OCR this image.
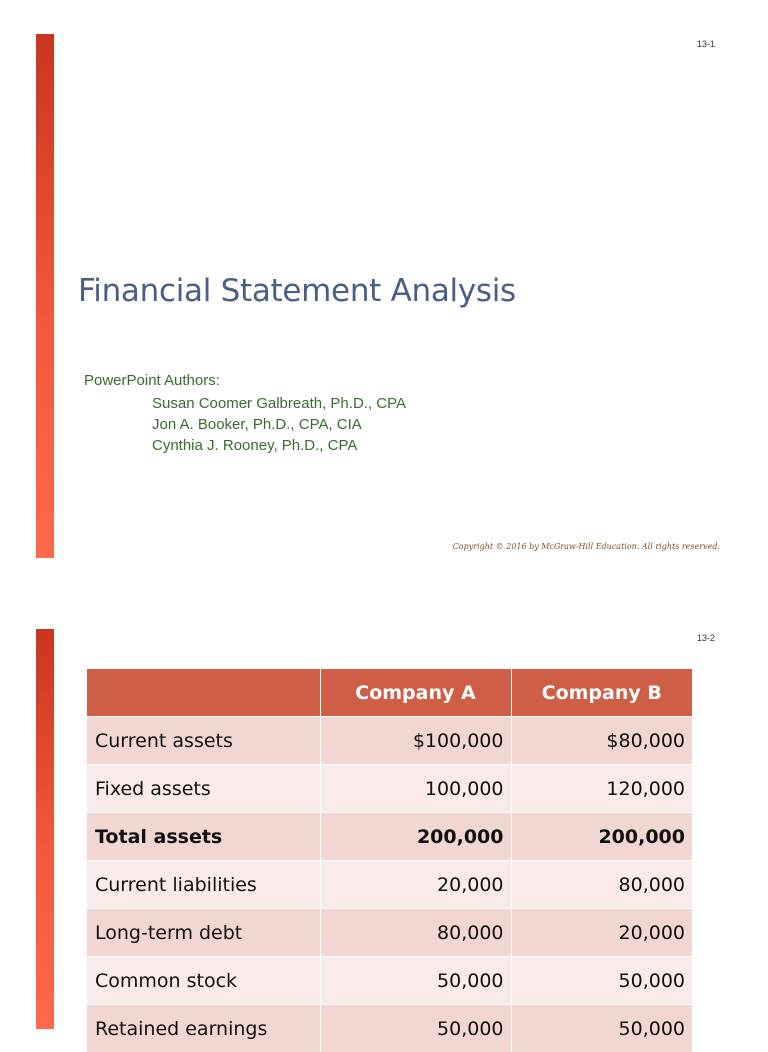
13-1
Financial Statement Analysis
PowerPoint Authors:
Susan Coomer Galbreath, Ph.D., CPA
Jon A. Booker, Ph.D., CPA, CIA
Cynthia J. Rooney, Ph.D., CPA
Copyright © 2016 by McGraw-Hill Education. All rights reserved.
13-2
	Company A	Company B
Current assets	$100,000	$80,000
Fixed assets	100,000	120,000
Total assets	200,000	200,000
Current liabilities	20,000	80,000
Long-term debt	80,000	20,000
Common stock	50,000	50,000
Retained earnings	50,000	50,000
